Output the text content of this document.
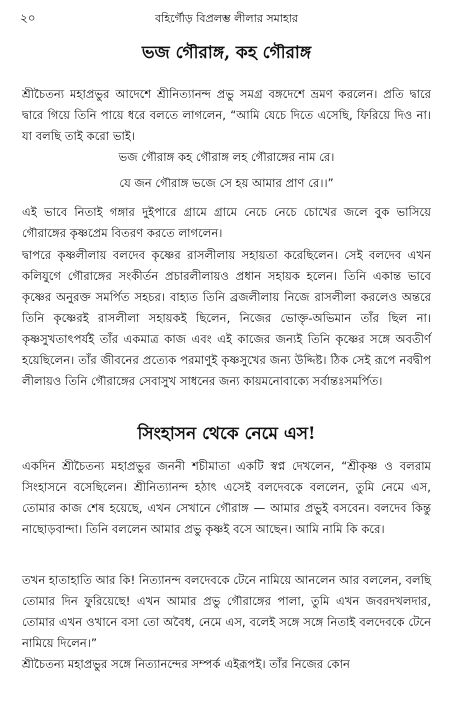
২০	বহির্গৌড় বিপ্রলম্ভ লীলার সমাহার
ভজ গৌরাঙ্গ, কহ গৌরাঙ্গ
শ্রীচৈতন্য মহাপ্রভুর আদেশে শ্রীনিত্যানন্দ প্রভু সমগ্র বঙ্গদেশে ভ্রমণ করলেন। প্রতি দ্বারে দ্বারে গিয়ে তিনি পায়ে ধরে বলতে লাগলেন, “আমি যেচে দিতে এসেছি, ফিরিয়ে দিও না। যা বলছি তাই করো ভাই।
ভজ গৌরাঙ্গ কহ গৌরাঙ্গ লহ গৌরাঙ্গের নাম রে।
যে জন গৌরাঙ্গ ভজে সে হয় আমার প্রাণ রে।।”
এই ভাবে নিতাই গঙ্গার দুইপারে গ্রামে গ্রামে নেচে নেচে চোখের জলে বুক ভাসিয়ে গৌরাঙ্গের কৃষ্ণপ্রেম বিতরণ করতে লাগলেন।
দ্বাপরে কৃষ্ণলীলায় বলদেব কৃষ্ণের রাসলীলায় সহায়তা করেছিলেন। সেই বলদেব এখন কলিযুগে গৌরাঙ্গের সংকীর্তন প্রচারলীলায়ও প্রধান সহায়ক হলেন। তিনি একান্ত ভাবে কৃষ্ণের অনুরক্ত সমর্পিত সহচর। বাহ্যত তিনি ব্রজলীলায় নিজে রাসলীলা করলেও অন্তরে তিনি কৃষ্ণেরই রাসলীলা সহায়কই ছিলেন, নিজের ভোক্তৃ-অভিমান তাঁর ছিল না। কৃষ্ণসুখতাৎপর্যই তাঁর একমাত্র কাজ এবং এই কাজের জন্যই তিনি কৃষ্ণের সঙ্গে অবতীর্ণ হয়েছিলেন। তাঁর জীবনের প্রত্যেক পরমাণুই কৃষ্ণসুখের জন্য উদ্দিষ্ট। ঠিক সেই রূপে নবদ্বীপ লীলায়ও তিনি গৌরাঙ্গের সেবাসুখ সাধনের জন্য কায়মনোবাক্যে সর্বান্তঃসমর্পিত।
সিংহাসন থেকে নেমে এস!
একদিন শ্রীচৈতন্য মহাপ্রভুর জননী শচীমাতা একটি স্বপ্ন দেখলেন, “শ্রীকৃষ্ণ ও বলরাম সিংহাসনে বসেছিলেন। শ্রীনিত্যানন্দ হঠাৎ এসেই বলদেবকে বললেন, তুমি নেমে এস, তোমার কাজ শেষ হয়েছে, এখন সেখানে গৌরাঙ্গ — আমার প্রভুই বসবেন। বলদেব কিন্তু নাছোড়বান্দা। তিনি বললেন আমার প্রভু কৃষ্ণই বসে আছেন। আমি নামি কি করে।
তখন হাতাহাতি আর কি! নিত্যানন্দ বলদেবকে টেনে নামিয়ে আনলেন আর বললেন, বলছি তোমার দিন ফুরিয়েছে! এখন আমার প্রভু গৌরাঙ্গের পালা, তুমি এখন জবরদখলদার, তোমার এখন ওখানে বসা তো অবৈধ, নেমে এস, বলেই সঙ্গে সঙ্গে নিতাই বলদেবকে টেনে নামিয়ে দিলেন।”
শ্রীচৈতন্য মহাপ্রভুর সঙ্গে নিত্যানন্দের সম্পর্ক এইরূপই। তাঁর নিজের কোন
